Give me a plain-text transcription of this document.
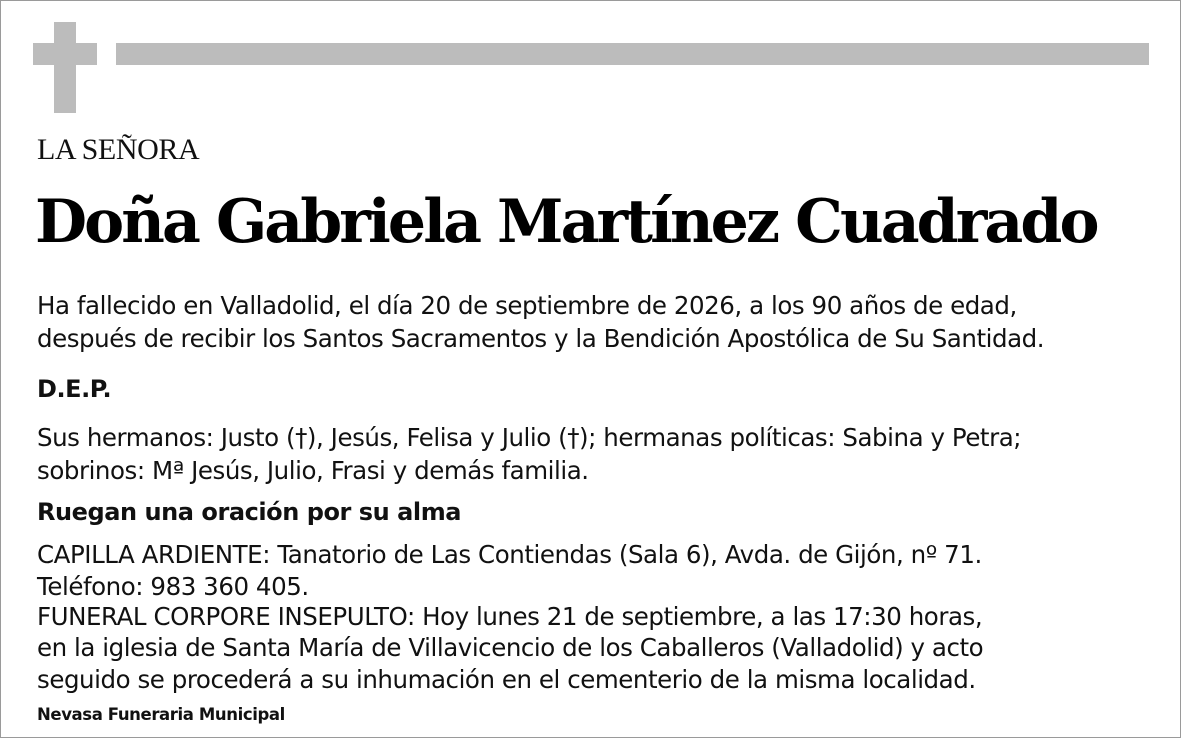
LA SEÑORA
Doña Gabriela Martínez Cuadrado
Ha fallecido en Valladolid, el día 20 de septiembre de 2026, a los 90 años de edad,
después de recibir los Santos Sacramentos y la Bendición Apostólica de Su Santidad.
D.E.P.
Sus hermanos: Justo (†), Jesús, Felisa y Julio (†); hermanas políticas: Sabina y Petra;
sobrinos: Mª Jesús, Julio, Frasi y demás familia.
Ruegan una oración por su alma
CAPILLA ARDIENTE: Tanatorio de Las Contiendas (Sala 6), Avda. de Gijón, nº 71.
Teléfono: 983 360 405.
FUNERAL CORPORE INSEPULTO: Hoy lunes 21 de septiembre, a las 17:30 horas,
en la iglesia de Santa María de Villavicencio de los Caballeros (Valladolid) y acto
seguido se procederá a su inhumación en el cementerio de la misma localidad.
Nevasa Funeraria Municipal
